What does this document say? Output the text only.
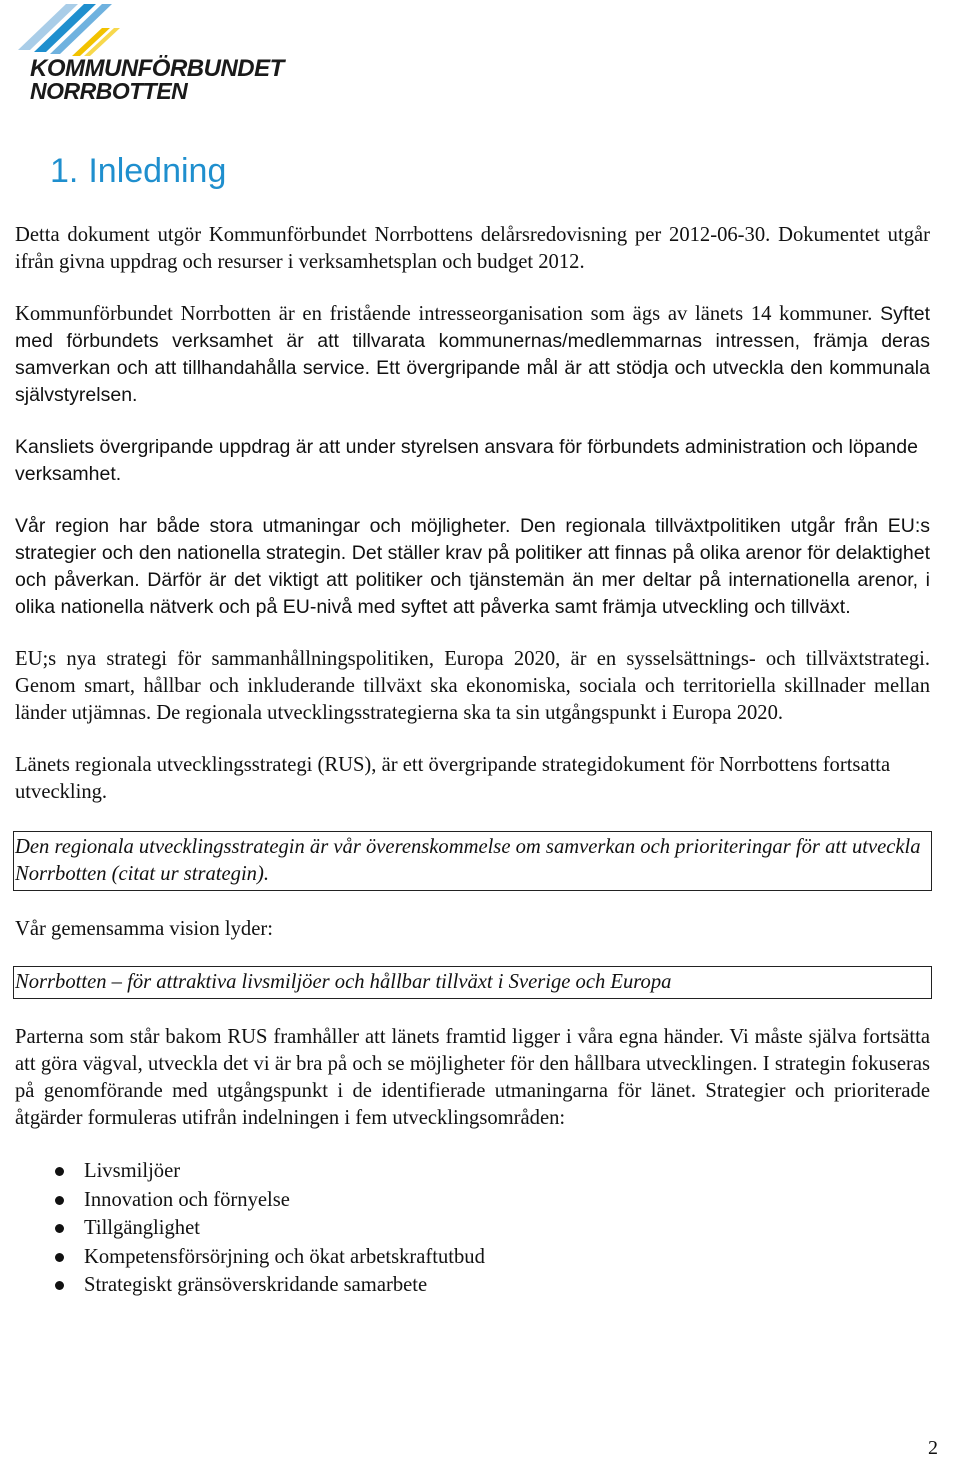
KOMMUNFÖRBUNDET
NORRBOTTEN
1. Inledning

Detta dokument utgör Kommunförbundet Norrbottens delårsredovisning per 2012-06-30. Dokumentet utgår ifrån givna uppdrag och resurser i verksamhetsplan och budget 2012.

Kommunförbundet Norrbotten är en fristående intresseorganisation som ägs av länets 14 kommuner. Syftet med förbundets verksamhet är att tillvarata kommunernas/medlemmarnas intressen, främja deras samverkan och att tillhandahålla service. Ett övergripande mål är att stödja och utveckla den kommunala självstyrelsen.

Kansliets övergripande uppdrag är att under styrelsen ansvara för förbundets administration och löpande verksamhet.

Vår region har både stora utmaningar och möjligheter. Den regionala tillväxtpolitiken utgår från EU:s strategier och den nationella strategin. Det ställer krav på politiker att finnas på olika arenor för delaktighet och påverkan. Därför är det viktigt att politiker och tjänstemän än mer deltar på internationella arenor, i olika nationella nätverk och på EU-nivå med syftet att påverka samt främja utveckling och tillväxt.

EU;s nya strategi för sammanhållningspolitiken, Europa 2020, är en sysselsättnings- och tillväxtstrategi. Genom smart, hållbar och inkluderande tillväxt ska ekonomiska, sociala och territoriella skillnader mellan länder utjämnas. De regionala utvecklingsstrategierna ska ta sin utgångspunkt i Europa 2020.

Länets regionala utvecklingsstrategi (RUS), är ett övergripande strategidokument för Norrbottens fortsatta utveckling.

Den regionala utvecklingsstrategin är vår överenskommelse om samverkan och prioriteringar för att utveckla Norrbotten (citat ur strategin).

Vår gemensamma vision lyder:

Norrbotten – för attraktiva livsmiljöer och hållbar tillväxt i Sverige och Europa

Parterna som står bakom RUS framhåller att länets framtid ligger i våra egna händer. Vi måste själva fortsätta att göra vägval, utveckla det vi är bra på och se möjligheter för den hållbara utvecklingen. I strategin fokuseras på genomförande med utgångspunkt i de identifierade utmaningarna för länet. Strategier och prioriterade åtgärder formuleras utifrån indelningen i fem utvecklingsområden:

Livsmiljöer
Innovation och förnyelse
Tillgänglighet
Kompetensförsörjning och ökat arbetskraftutbud
Strategiskt gränsöverskridande samarbete
2
